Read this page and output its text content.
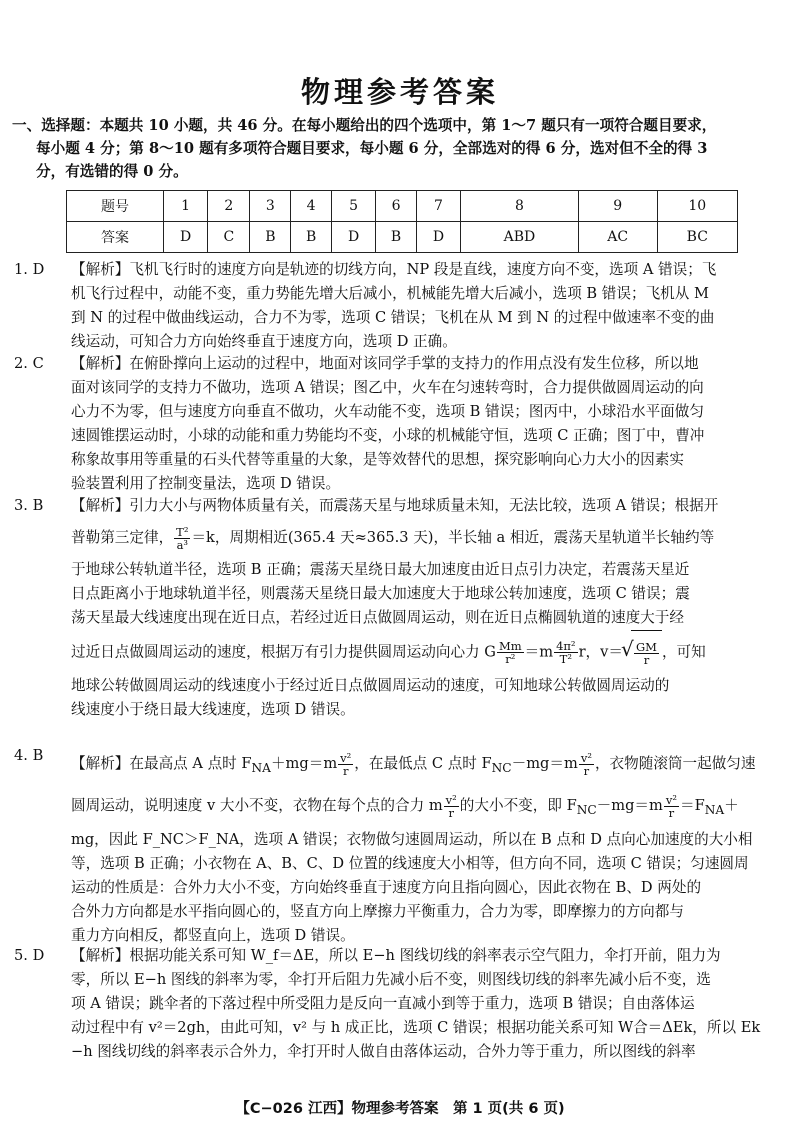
物理参考答案
一、选择题：本题共 10 小题，共 46 分。在每小题给出的四个选项中，第 1～7 题只有一项符合题目要求，
每小题 4 分；第 8～10 题有多项符合题目要求，每小题 6 分，全部选对的得 6 分，选对但不全的得 3
分，有选错的得 0 分。
题号	1	2	3	4	5	6	7	8	9	10
答案	D	C	B	B	D	B	D	ABD	AC	BC
1. D	【解析】飞机飞行时的速度方向是轨迹的切线方向，NP 段是直线，速度方向不变，选项 A 错误；飞
机飞行过程中，动能不变，重力势能先增大后减小，机械能先增大后减小，选项 B 错误；飞机从 M
到 N 的过程中做曲线运动，合力不为零，选项 C 错误；飞机在从 M 到 N 的过程中做速率不变的曲
线运动，可知合力方向始终垂直于速度方向，选项 D 正确。
2. C	【解析】在俯卧撑向上运动的过程中，地面对该同学手掌的支持力的作用点没有发生位移，所以地
面对该同学的支持力不做功，选项 A 错误；图乙中，火车在匀速转弯时，合力提供做圆周运动的向
心力不为零，但与速度方向垂直不做功，火车动能不变，选项 B 错误；图丙中，小球沿水平面做匀
速圆锥摆运动时，小球的动能和重力势能均不变，小球的机械能守恒，选项 C 正确；图丁中，曹冲
称象故事用等重量的石头代替等重量的大象，是等效替代的思想，探究影响向心力大小的因素实
验装置利用了控制变量法，选项 D 错误。
3. B	【解析】引力大小与两物体质量有关，而震荡天星与地球质量未知，无法比较，选项 A 错误；根据开
普勒第三定律， $\frac{\text{T²}}{\text{a³}} =k$，周期相近(365.4 天≈365.3 天)，半长轴 a 相近，震荡天星轨道半长轴约等
于地球公转轨道半径，选项 B 正确；震荡天星绕日最大加速度由近日点引力决定，若震荡天星近
日点距离小于地球轨道半径，则震荡天星绕日最大加速度大于地球公转加速度，选项 C 错误；震
荡天星最大线速度出现在近日点，若经过近日点做圆周运动，则在近日点椭圆轨道的速度大于经
过近日点做圆周运动的速度，根据万有引力提供圆周运动向心力 G $\frac{Mm}{\text{r²}} =m \frac{\text{4π²}}{\text{T²}}$ r，v＝ √ $\frac{GM}{r}$ ，可知
地球公转做圆周运动的线速度小于经过近日点做圆周运动的速度，可知地球公转做圆周运动的
线速度小于绕日最大线速度，选项 D 错误。
4. B	【解析】在最高点 A 点时 $F_{NA}+mg=m \frac{\text{v²}}{r}$ ，在最低点 C 点时 $F_{NC}-mg=m \frac{\text{v²}}{r}$ ，衣物随滚筒一起做匀速
圆周运动，说明速度 v 大小不变，衣物在每个点的合力 m $\frac{\text{v²}}{r}$ 的大小不变，即 $F_{NC}-mg=m \frac{\text{v²}}{r} =F_{NA}+$
mg，因此 F_NC＞F_NA，选项 A 错误；衣物做匀速圆周运动，所以在 B 点和 D 点向心加速度的大小相
等，选项 B 正确；小衣物在 A、B、C、D 位置的线速度大小相等，但方向不同，选项 C 错误；匀速圆周
运动的性质是：合外力大小不变，方向始终垂直于速度方向且指向圆心，因此衣物在 B、D 两处的
合外力方向都是水平指向圆心的，竖直方向上摩擦力平衡重力，合力为零，即摩擦力的方向都与
重力方向相反，都竖直向上，选项 D 错误。
5. D	【解析】根据功能关系可知 W_f＝ΔE，所以 E−h 图线切线的斜率表示空气阻力，伞打开前，阻力为
零，所以 E−h 图线的斜率为零，伞打开后阻力先减小后不变，则图线切线的斜率先减小后不变，选
项 A 错误；跳伞者的下落过程中所受阻力是反向一直减小到等于重力，选项 B 错误；自由落体运
动过程中有 v²＝2gh，由此可知，v² 与 h 成正比，选项 C 错误；根据功能关系可知 W合＝ΔEk，所以 Ek
−h 图线切线的斜率表示合外力，伞打开时人做自由落体运动，合外力等于重力，所以图线的斜率
【C−026 江西】物理参考答案　第 1 页(共 6 页)
